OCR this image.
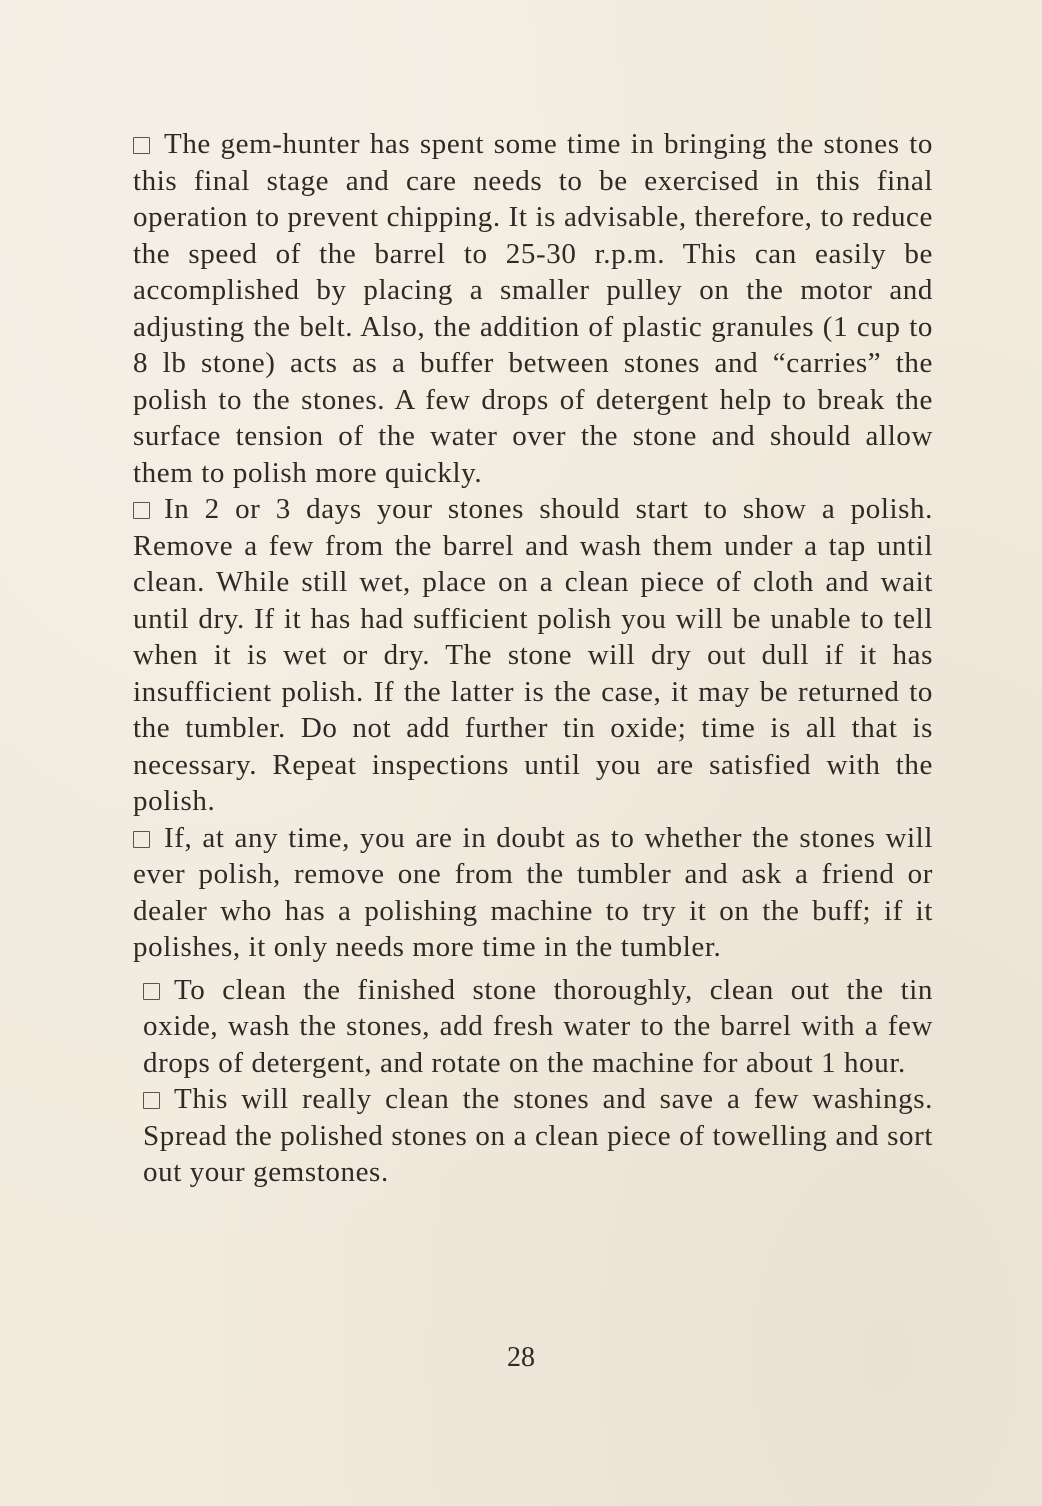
The gem-hunter has spent some time in bringing the stones to this final stage and care needs to be exercised in this final operation to prevent chipping. It is advisable, therefore, to reduce the speed of the barrel to 25-30 r.p.m. This can easily be accomplished by placing a smaller pulley on the motor and adjusting the belt. Also, the addition of plastic granules (1 cup to 8 lb stone) acts as a buffer between stones and “carries” the polish to the stones. A few drops of detergent help to break the surface tension of the water over the stone and should allow them to polish more quickly.

In 2 or 3 days your stones should start to show a polish. Remove a few from the barrel and wash them under a tap until clean. While still wet, place on a clean piece of cloth and wait until dry. If it has had sufficient polish you will be unable to tell when it is wet or dry. The stone will dry out dull if it has insufficient polish. If the latter is the case, it may be returned to the tumbler. Do not add further tin oxide; time is all that is necessary. Repeat inspections until you are satisfied with the polish.

If, at any time, you are in doubt as to whether the stones will ever polish, remove one from the tumbler and ask a friend or dealer who has a polishing machine to try it on the buff; if it polishes, it only needs more time in the tumbler.

To clean the finished stone thoroughly, clean out the tin oxide, wash the stones, add fresh water to the barrel with a few drops of detergent, and rotate on the machine for about 1 hour.

This will really clean the stones and save a few washings. Spread the polished stones on a clean piece of towelling and sort out your gemstones.

28
